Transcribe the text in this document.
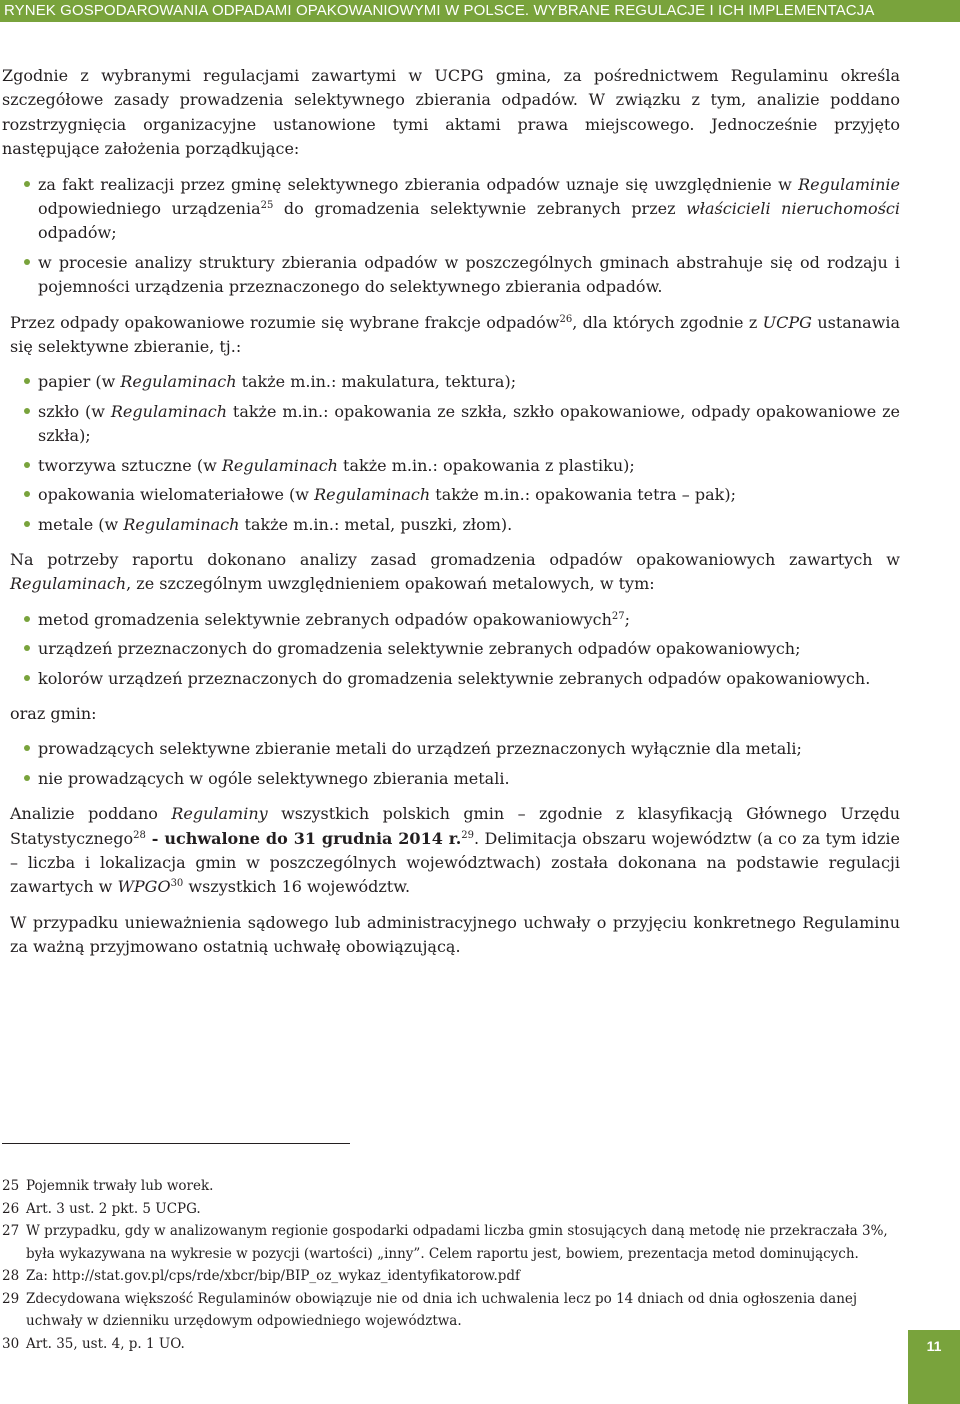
RYNEK GOSPODAROWANIA ODPADAMI OPAKOWANIOWYMI W POLSCE. WYBRANE REGULACJE I ICH IMPLEMENTACJA

Zgodnie z wybranymi regulacjami zawartymi w UCPG gmina, za pośrednictwem Regulaminu określa szczegółowe zasady prowadzenia selektywnego zbierania odpadów. W związku z tym, analizie poddano rozstrzygnięcia organizacyjne ustanowione tymi aktami prawa miejscowego. Jednocześnie przyjęto następujące założenia porządkujące:

za fakt realizacji przez gminę selektywnego zbierania odpadów uznaje się uwzględnienie w Regulaminie odpowiedniego urządzenia$^{25}$ do gromadzenia selektywnie zebranych przez właścicieli nieruchomości odpadów;
w procesie analizy struktury zbierania odpadów w poszczególnych gminach abstrahuje się od rodzaju i pojemności urządzenia przeznaczonego do selektywnego zbierania odpadów.

Przez odpady opakowaniowe rozumie się wybrane frakcje odpadów$^{26}$, dla których zgodnie z UCPG ustanawia się selektywne zbieranie, tj.:

papier (w Regulaminach także m.in.: makulatura, tektura);
szkło (w Regulaminach także m.in.: opakowania ze szkła, szkło opakowaniowe, odpady opakowaniowe ze szkła);
tworzywa sztuczne (w Regulaminach także m.in.: opakowania z plastiku);
opakowania wielomateriałowe (w Regulaminach także m.in.: opakowania tetra – pak);
metale (w Regulaminach także m.in.: metal, puszki, złom).

Na potrzeby raportu dokonano analizy zasad gromadzenia odpadów opakowaniowych zawartych w Regulaminach, ze szczególnym uwzględnieniem opakowań metalowych, w tym:

metod gromadzenia selektywnie zebranych odpadów opakowaniowych$^{27}$;
urządzeń przeznaczonych do gromadzenia selektywnie zebranych odpadów opakowaniowych;
kolorów urządzeń przeznaczonych do gromadzenia selektywnie zebranych odpadów opakowaniowych.

oraz gmin:

prowadzących selektywne zbieranie metali do urządzeń przeznaczonych wyłącznie dla metali;
nie prowadzących w ogóle selektywnego zbierania metali.

Analizie poddano Regulaminy wszystkich polskich gmin – zgodnie z klasyfikacją Głównego Urzędu Statystycznego$^{28}$ - uchwalone do 31 grudnia 2014 r.$^{29}$. Delimitacja obszaru województw (a co za tym idzie – liczba i lokalizacja gmin w poszczególnych województwach) została dokonana na podstawie regulacji zawartych w WPGO$^{30}$ wszystkich 16 województw.

W przypadku unieważnienia sądowego lub administracyjnego uchwały o przyjęciu konkretnego Regulaminu za ważną przyjmowano ostatnią uchwałę obowiązującą.

25 Pojemnik trwały lub worek.
26 Art. 3 ust. 2 pkt. 5 UCPG.
27 W przypadku, gdy w analizowanym regionie gospodarki odpadami liczba gmin stosujących daną metodę nie przekraczała 3%, była wykazywana na wykresie w pozycji (wartości) „inny”. Celem raportu jest, bowiem, prezentacja metod dominujących.
28 Za: http://stat.gov.pl/cps/rde/xbcr/bip/BIP_oz_wykaz_identyfikatorow.pdf
29 Zdecydowana większość Regulaminów obowiązuje nie od dnia ich uchwalenia lecz po 14 dniach od dnia ogłoszenia danej uchwały w dzienniku urzędowym odpowiedniego województwa.
30 Art. 35, ust. 4, p. 1 UO.	11
